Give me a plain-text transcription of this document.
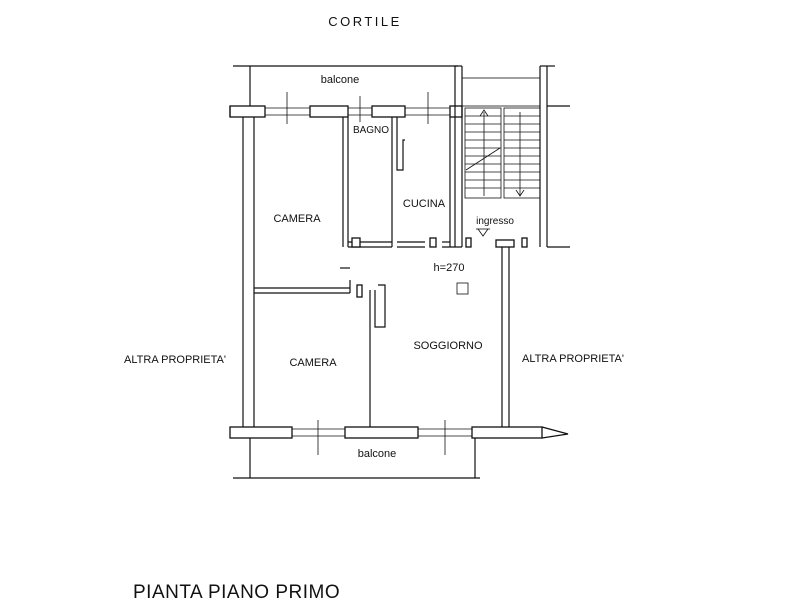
CORTILE
balcone
BAGNO
CUCINA
ingresso
h=270
CAMERA
CAMERA
SOGGIORNO
ALTRA PROPRIETA'	ALTRA PROPRIETA'
balcone
PIANTA PIANO PRIMO
